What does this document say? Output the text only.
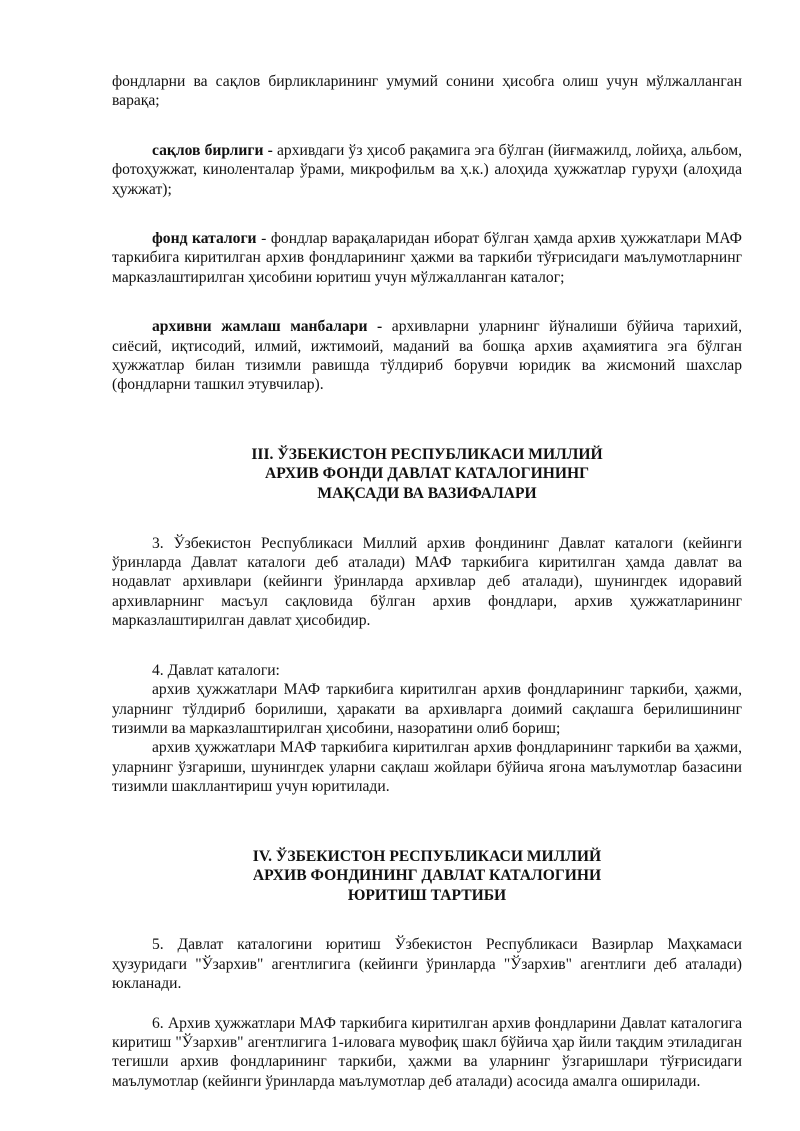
фондларни ва сақлов бирликларининг умумий сонини ҳисобга олиш учун мўлжалланган варақа;

сақлов бирлиги - архивдаги ўз ҳисоб рақамига эга бўлган (йиғмажилд, лойиҳа, альбом, фотоҳужжат, киноленталар ўрами, микрофильм ва ҳ.к.) алоҳида ҳужжатлар гуруҳи (алоҳида ҳужжат);

фонд каталоги - фондлар варақаларидан иборат бўлган ҳамда архив ҳужжатлари МАФ таркибига киритилган архив фондларининг ҳажми ва таркиби тўғрисидаги маълумотларнинг марказлаштирилган ҳисобини юритиш учун мўлжалланган каталог;

архивни жамлаш манбалари - архивларни уларнинг йўналиши бўйича тарихий, сиёсий, иқтисодий, илмий, ижтимоий, маданий ва бошқа архив аҳамиятига эга бўлган ҳужжатлар билан тизимли равишда тўлдириб борувчи юридик ва жисмоний шахслар (фондларни ташкил этувчилар).

III. ЎЗБЕКИСТОН РЕСПУБЛИКАСИ МИЛЛИЙ
АРХИВ ФОНДИ ДАВЛАТ КАТАЛОГИНИНГ
МАҚСАДИ ВА ВАЗИФАЛАРИ

3. Ўзбекистон Республикаси Миллий архив фондининг Давлат каталоги (кейинги ўринларда Давлат каталоги деб аталади) МАФ таркибига киритилган ҳамда давлат ва нодавлат архивлари (кейинги ўринларда архивлар деб аталади), шунингдек идоравий архивларнинг масъул сақловида бўлган архив фондлари, архив ҳужжатларининг марказлаштирилган давлат ҳисобидир.

4. Давлат каталоги:

архив ҳужжатлари МАФ таркибига киритилган архив фондларининг таркиби, ҳажми, уларнинг тўлдириб борилиши, ҳаракати ва архивларга доимий сақлашга берилишининг тизимли ва марказлаштирилган ҳисобини, назоратини олиб бориш;

архив ҳужжатлари МАФ таркибига киритилган архив фондларининг таркиби ва ҳажми, уларнинг ўзгариши, шунингдек уларни сақлаш жойлари бўйича ягона маълумотлар базасини тизимли шакллантириш учун юритилади.

IV. ЎЗБЕКИСТОН РЕСПУБЛИКАСИ МИЛЛИЙ
АРХИВ ФОНДИНИНГ ДАВЛАТ КАТАЛОГИНИ
ЮРИТИШ ТАРТИБИ

5. Давлат каталогини юритиш Ўзбекистон Республикаси Вазирлар Маҳкамаси ҳузуридаги "Ўзархив" агентлигига (кейинги ўринларда "Ўзархив" агентлиги деб аталади) юкланади.

6. Архив ҳужжатлари МАФ таркибига киритилган архив фондларини Давлат каталогига киритиш "Ўзархив" агентлигига 1-иловага мувофиқ шакл бўйича ҳар йили тақдим этиладиган тегишли архив фондларининг таркиби, ҳажми ва уларнинг ўзгаришлари тўғрисидаги маълумотлар (кейинги ўринларда маълумотлар деб аталади) асосида амалга оширилади.
